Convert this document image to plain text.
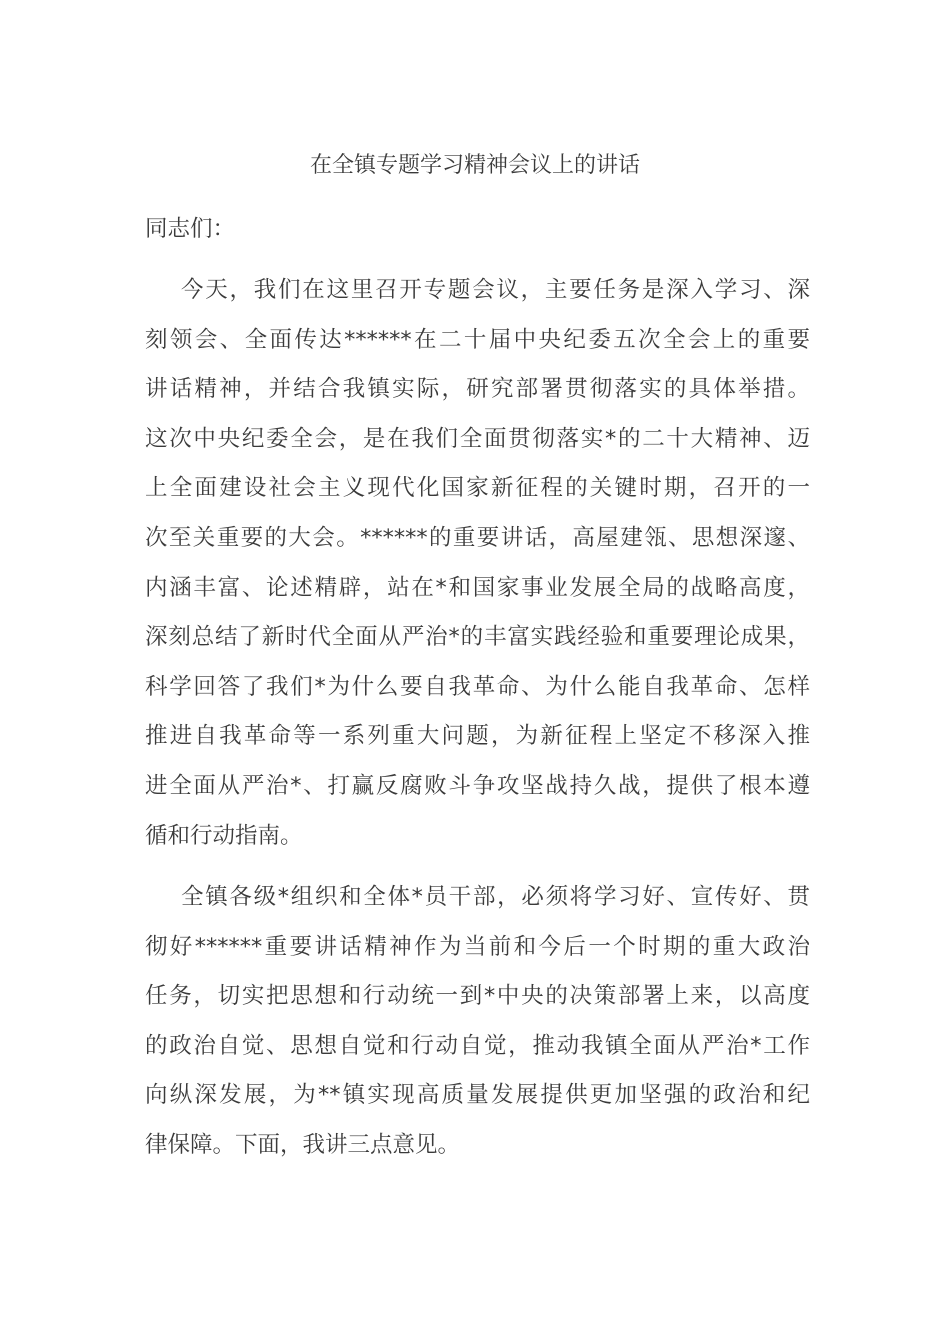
在全镇专题学习精神会议上的讲话
同志们：
今天，我们在这里召开专题会议，主要任务是深入学习、深
刻领会、全面传达******在二十届中央纪委五次全会上的重要
讲话精神，并结合我镇实际，研究部署贯彻落实的具体举措。
这次中央纪委全会，是在我们全面贯彻落实*的二十大精神、迈
上全面建设社会主义现代化国家新征程的关键时期，召开的一
次至关重要的大会。******的重要讲话，高屋建瓴、思想深邃、
内涵丰富、论述精辟，站在*和国家事业发展全局的战略高度，
深刻总结了新时代全面从严治*的丰富实践经验和重要理论成果，
科学回答了我们*为什么要自我革命、为什么能自我革命、怎样
推进自我革命等一系列重大问题，为新征程上坚定不移深入推
进全面从严治*、打赢反腐败斗争攻坚战持久战，提供了根本遵
循和行动指南。
全镇各级*组织和全体*员干部，必须将学习好、宣传好、贯
彻好******重要讲话精神作为当前和今后一个时期的重大政治
任务，切实把思想和行动统一到*中央的决策部署上来，以高度
的政治自觉、思想自觉和行动自觉，推动我镇全面从严治*工作
向纵深发展，为**镇实现高质量发展提供更加坚强的政治和纪
律保障。下面，我讲三点意见。
